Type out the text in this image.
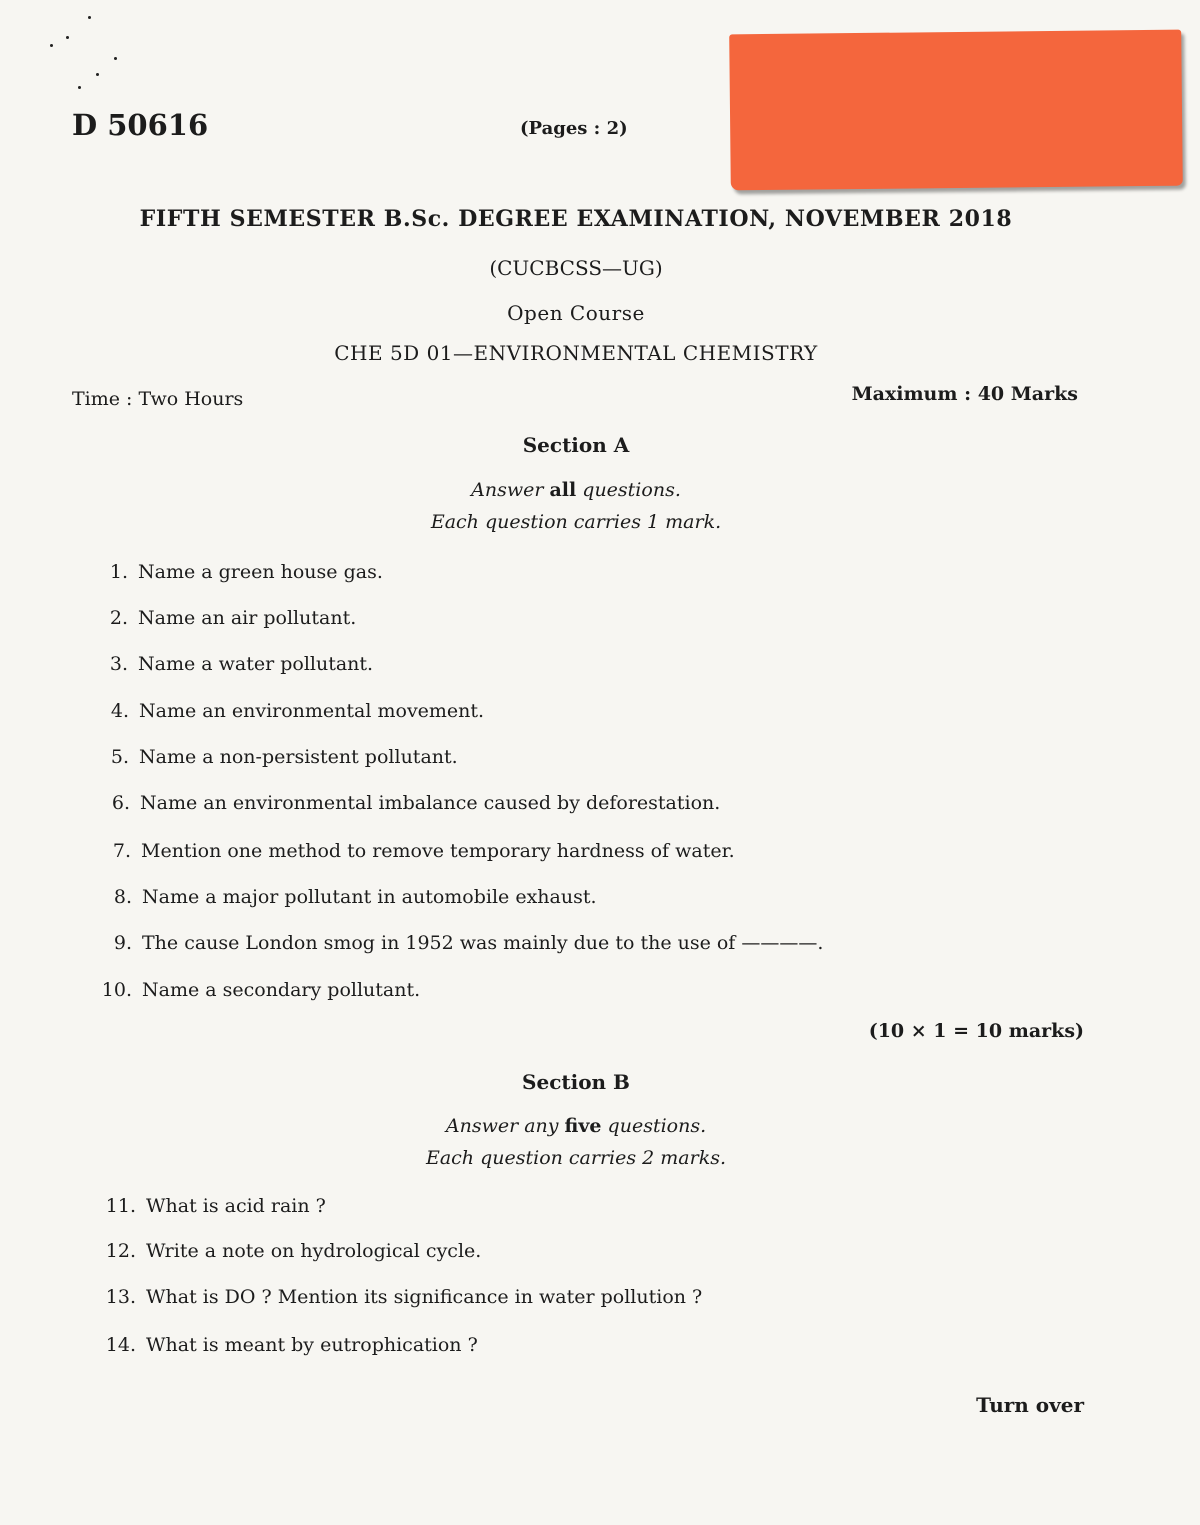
D 50616	(Pages : 2)
FIFTH SEMESTER B.Sc. DEGREE EXAMINATION, NOVEMBER 2018
(CUCBCSS—UG)
Open Course
CHE 5D 01—ENVIRONMENTAL CHEMISTRY
Time : Two Hours	Maximum : 40 Marks
Section A
Answer all questions.
Each question carries 1 mark.
1. Name a green house gas.
2. Name an air pollutant.
3. Name a water pollutant.
4. Name an environmental movement.
5. Name a non-persistent pollutant.
6. Name an environmental imbalance caused by deforestation.
7. Mention one method to remove temporary hardness of water.
8. Name a major pollutant in automobile exhaust.
9. The cause London smog in 1952 was mainly due to the use of ————.
10. Name a secondary pollutant.
(10 × 1 = 10 marks)
Section B
Answer any five questions.
Each question carries 2 marks.
11. What is acid rain ?
12. Write a note on hydrological cycle.
13. What is DO ? Mention its significance in water pollution ?
14. What is meant by eutrophication ?
Turn over
